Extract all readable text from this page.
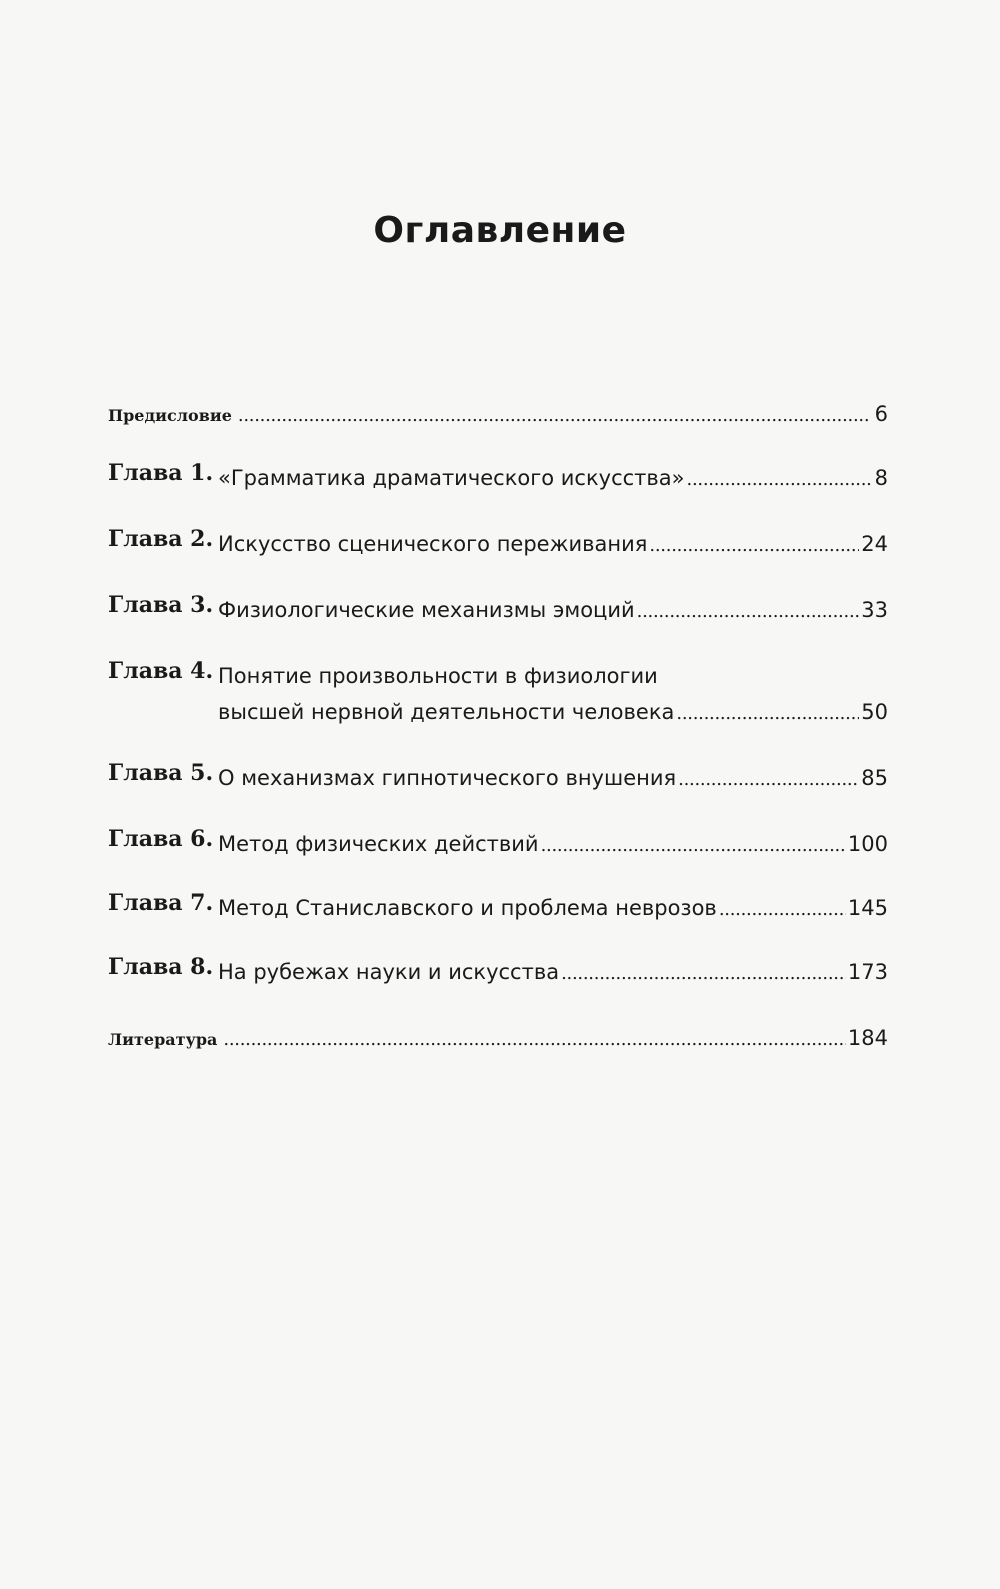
Оглавление
Предисловие . . .	6
Глава 1. «Грамматика драматического искусства» . . .	8
Глава 2. Искусство сценического переживания . . .	24
Глава 3. Физиологические механизмы эмоций . . .	33
Глава 4. Понятие произвольности в физиологии
высшей нервной деятельности человека . . .	50
Глава 5. О механизмах гипнотического внушения . . .	85
Глава 6. Метод физических действий . . .	100
Глава 7. Метод Станиславского и проблема неврозов . . .	145
Глава 8. На рубежах науки и искусства . . .	173
Литература . . .	184
